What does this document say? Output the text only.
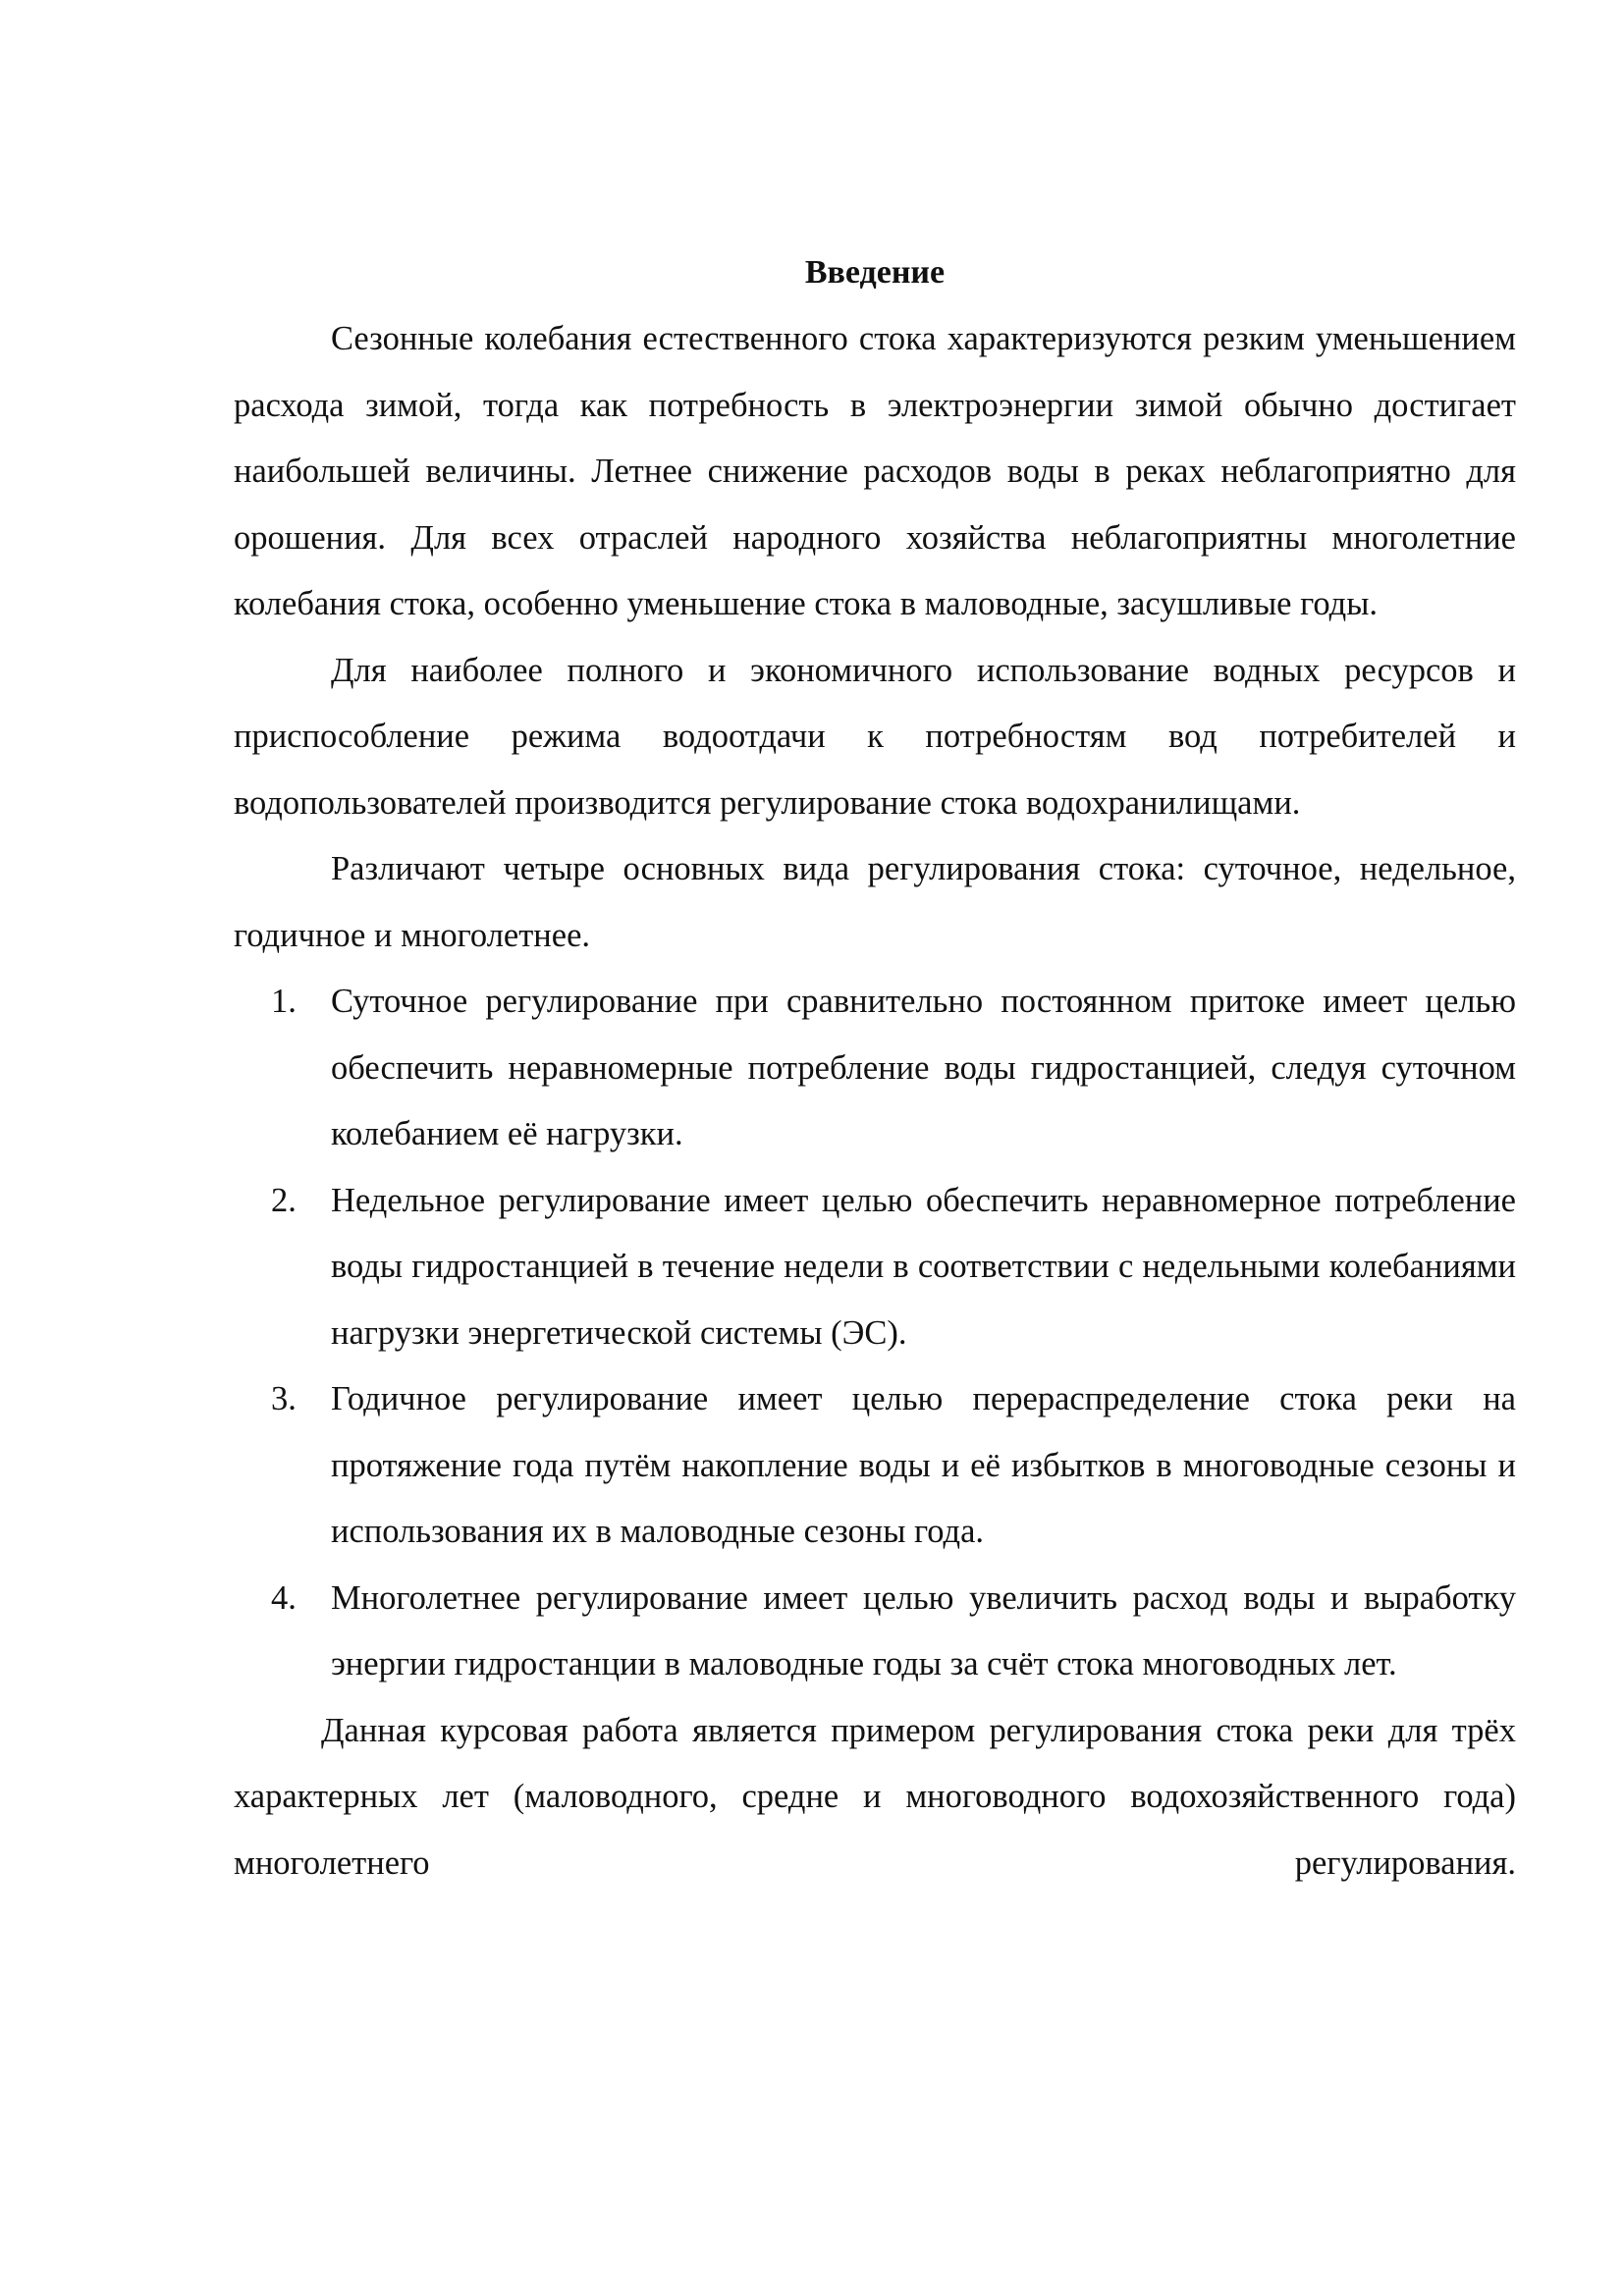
Введение

Сезонные колебания естественного стока характеризуются резким уменьшением расхода зимой, тогда как потребность в электроэнергии зимой обычно достигает наибольшей величины. Летнее снижение расходов воды в реках неблагоприятно для орошения. Для всех отраслей народного хозяйства неблагоприятны многолетние колебания стока, особенно уменьшение стока в маловодные, засушливые годы.

Для наиболее полного и экономичного использование водных ресурсов и приспособление режима водоотдачи к потребностям вод потребителей и водопользователей производится регулирование стока водохранилищами.

Различают четыре основных вида регулирования стока: суточное, недельное, годичное и многолетнее.

1. Суточное регулирование при сравнительно постоянном притоке имеет целью обеспечить неравномерные потребление воды гидростанцией, следуя суточном колебанием её нагрузки.
2. Недельное регулирование имеет целью обеспечить неравномерное потребление воды гидростанцией в течение недели в соответствии с недельными колебаниями нагрузки энергетической системы (ЭС).
3. Годичное регулирование имеет целью перераспределение стока реки на протяжение года путём накопление воды и её избытков в многоводные сезоны и использования их в маловодные сезоны года.
4. Многолетнее регулирование имеет целью увеличить расход воды и выработку энергии гидростанции в маловодные годы за счёт стока многоводных лет.

Данная курсовая работа является примером регулирования стока реки для трёх характерных лет (маловодного, средне и многоводного водохозяйственного года) многолетнего регулирования.
